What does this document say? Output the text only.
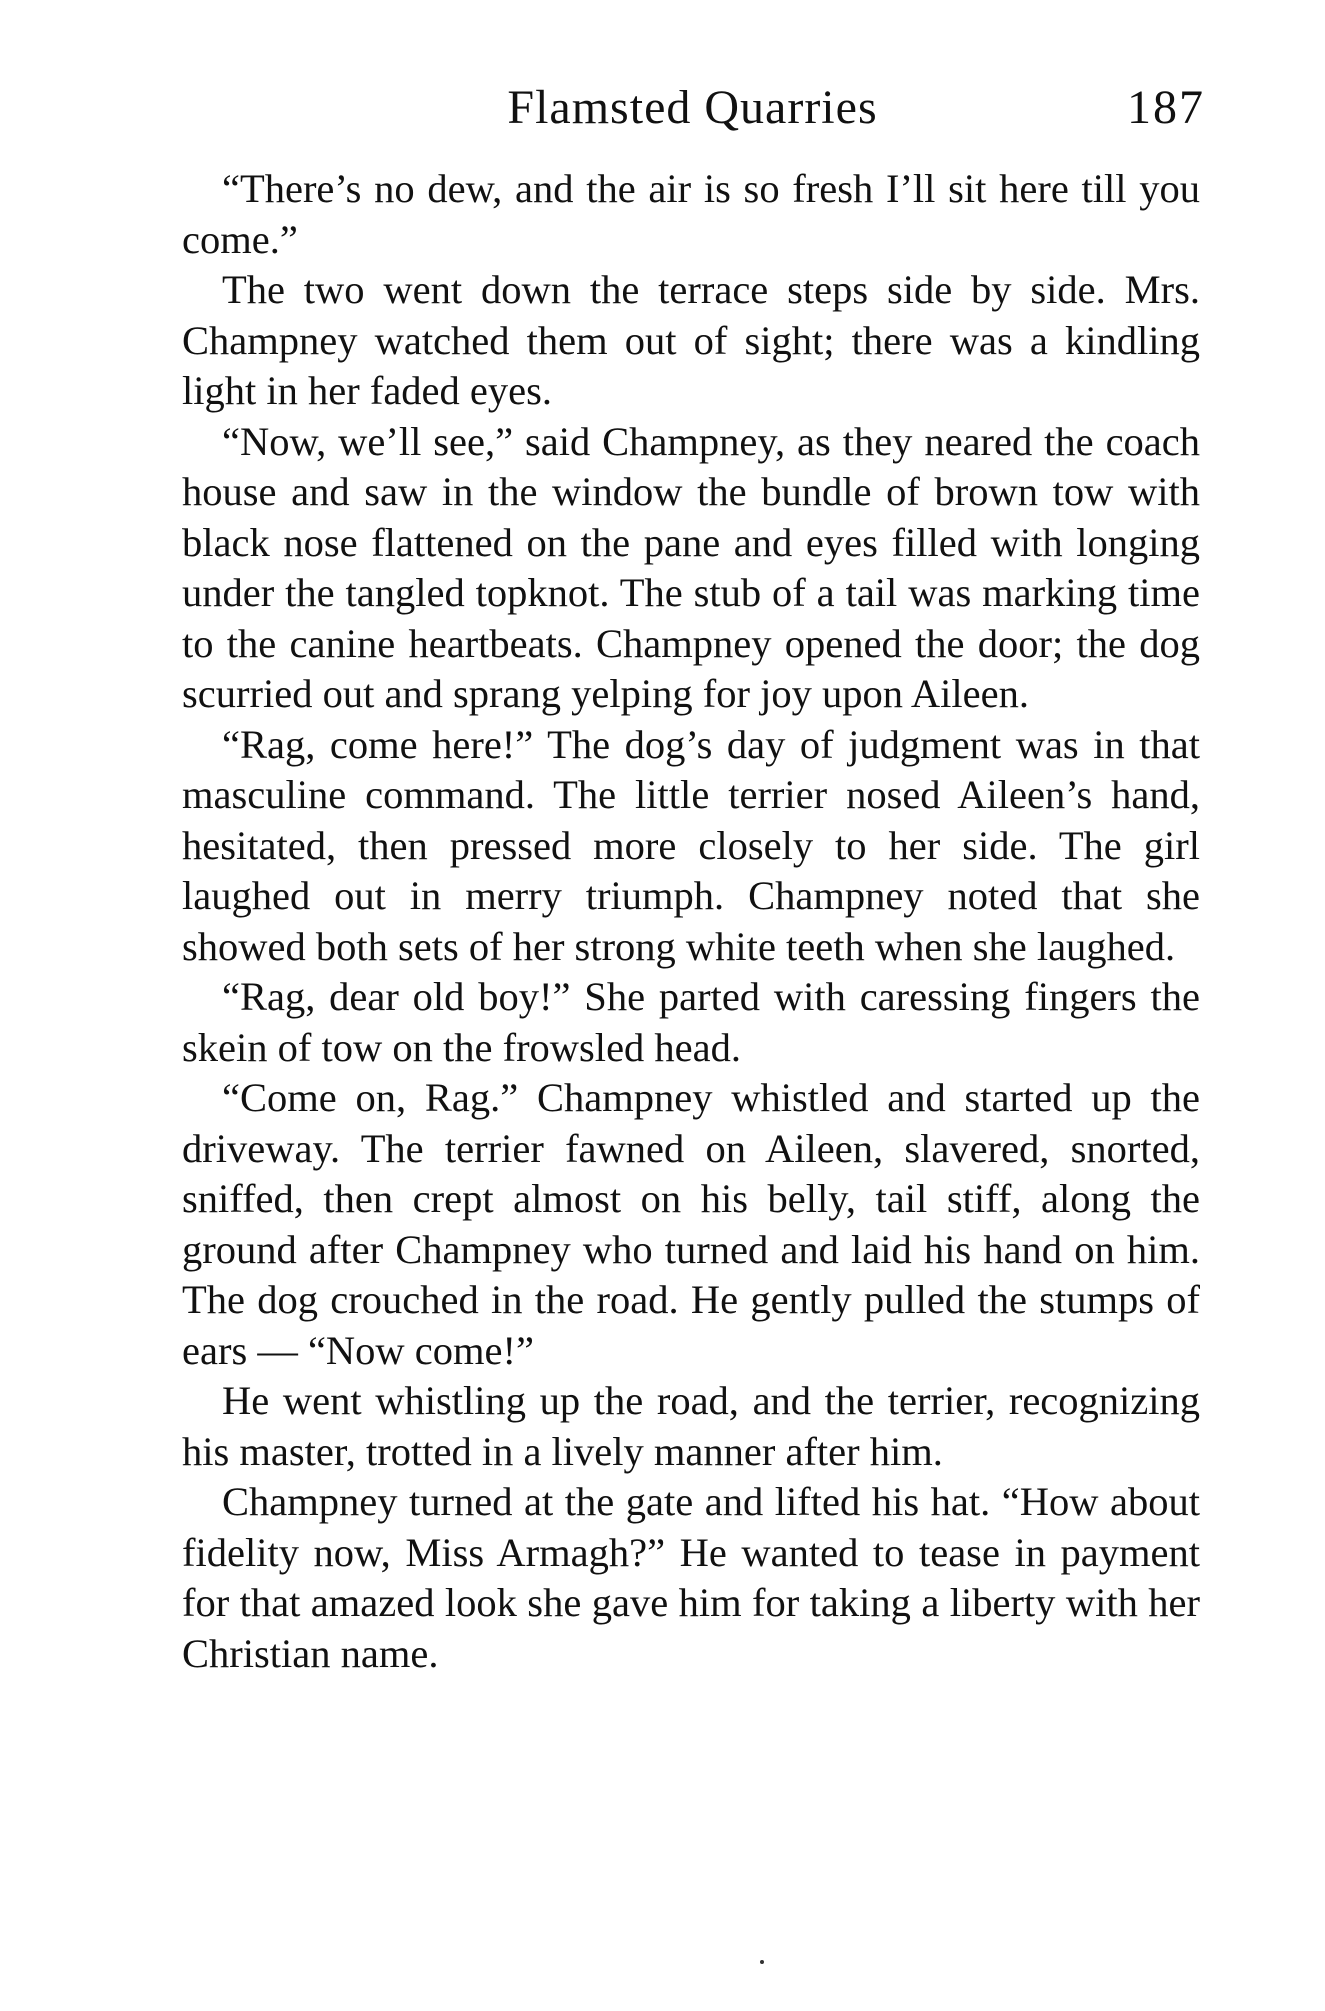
Flamsted Quarries	187

“There’s no dew, and the air is so fresh I’ll sit here till you come.”

The two went down the terrace steps side by side. Mrs. Champney watched them out of sight; there was a kindling light in her faded eyes.

“Now, we’ll see,” said Champney, as they neared the coach house and saw in the window the bundle of brown tow with black nose flattened on the pane and eyes filled with longing under the tangled topknot. The stub of a tail was marking time to the canine heartbeats. Champney opened the door; the dog scurried out and sprang yelping for joy upon Aileen.

“Rag, come here!” The dog’s day of judgment was in that masculine command. The little terrier nosed Aileen’s hand, hesitated, then pressed more closely to her side. The girl laughed out in merry triumph. Champney noted that she showed both sets of her strong white teeth when she laughed.

“Rag, dear old boy!” She parted with caressing fingers the skein of tow on the frowsled head.

“Come on, Rag.” Champney whistled and started up the driveway. The terrier fawned on Aileen, slavered, snorted, sniffed, then crept almost on his belly, tail stiff, along the ground after Champney who turned and laid his hand on him. The dog crouched in the road. He gently pulled the stumps of ears — “Now come!”

He went whistling up the road, and the terrier, recognizing his master, trotted in a lively manner after him.

Champney turned at the gate and lifted his hat. “How about fidelity now, Miss Armagh?” He wanted to tease in payment for that amazed look she gave him for taking a liberty with her Christian name.
